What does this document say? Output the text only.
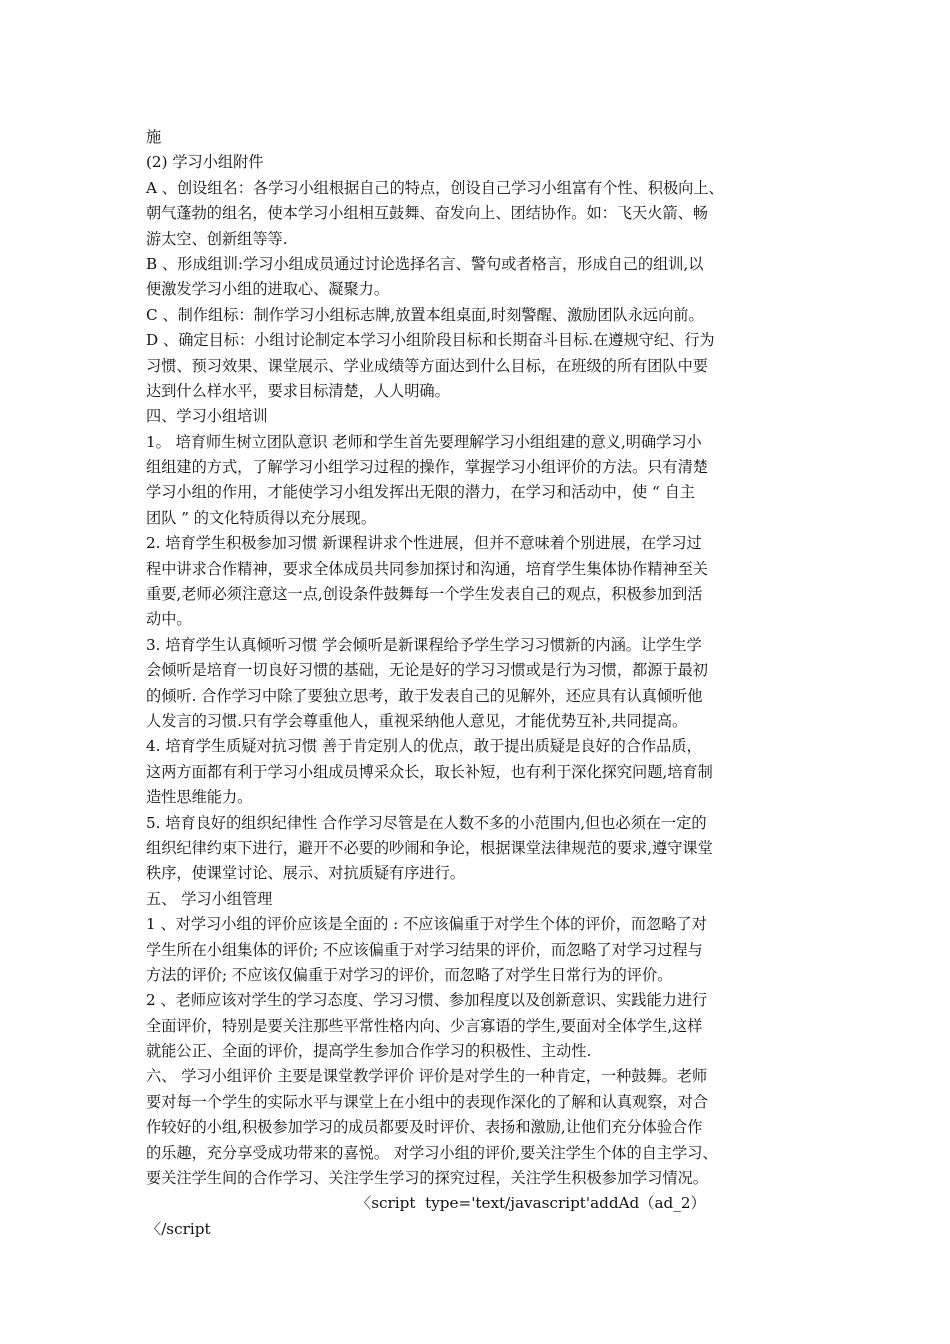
施
(2) 学习小组附件
A 、创设组名：各学习小组根据自己的特点，创设自己学习小组富有个性、积极向上、
朝气蓬勃的组名，使本学习小组相互鼓舞、奋发向上、团结协作。如：飞天火箭、畅
游太空、创新组等等.
B 、形成组训:学习小组成员通过讨论选择名言、警句或者格言，形成自己的组训,以
便激发学习小组的进取心、凝聚力。
C 、制作组标：制作学习小组标志牌,放置本组桌面,时刻警醒、激励团队永远向前。
D 、确定目标：小组讨论制定本学习小组阶段目标和长期奋斗目标.在遵规守纪、行为
习惯、预习效果、课堂展示、学业成绩等方面达到什么目标，在班级的所有团队中要
达到什么样水平，要求目标清楚，人人明确。
四、学习小组培训
1。 培育师生树立团队意识 老师和学生首先要理解学习小组组建的意义,明确学习小
组组建的方式，了解学习小组学习过程的操作，掌握学习小组评价的方法。只有清楚
学习小组的作用，才能使学习小组发挥出无限的潜力，在学习和活动中，使 “ 自主
团队 ” 的文化特质得以充分展现。
2. 培育学生积极参加习惯 新课程讲求个性进展，但并不意味着个别进展，在学习过
程中讲求合作精神，要求全体成员共同参加探讨和沟通，培育学生集体协作精神至关
重要,老师必须注意这一点,创设条件鼓舞每一个学生发表自己的观点，积极参加到活
动中。
3. 培育学生认真倾听习惯 学会倾听是新课程给予学生学习习惯新的内涵。让学生学
会倾听是培育一切良好习惯的基础，无论是好的学习习惯或是行为习惯，都源于最初
的倾听. 合作学习中除了要独立思考，敢于发表自己的见解外，还应具有认真倾听他
人发言的习惯.只有学会尊重他人，重视采纳他人意见，才能优势互补,共同提高。
4. 培育学生质疑对抗习惯 善于肯定别人的优点，敢于提出质疑是良好的合作品质，
这两方面都有利于学习小组成员博采众长，取长补短，也有利于深化探究问题,培育制
造性思维能力。
5. 培育良好的组织纪律性 合作学习尽管是在人数不多的小范围内,但也必须在一定的
组织纪律约束下进行，避开不必要的吵闹和争论，根据课堂法律规范的要求,遵守课堂
秩序，使课堂讨论、展示、对抗质疑有序进行。
五、 学习小组管理
1 、对学习小组的评价应该是全面的 : 不应该偏重于对学生个体的评价，而忽略了对
学生所在小组集体的评价; 不应该偏重于对学习结果的评价，而忽略了对学习过程与
方法的评价; 不应该仅偏重于对学习的评价，而忽略了对学生日常行为的评价。
2 、老师应该对学生的学习态度、学习习惯、参加程度以及创新意识、实践能力进行
全面评价，特别是要关注那些平常性格内向、少言寡语的学生,要面对全体学生,这样
就能公正、全面的评价，提高学生参加合作学习的积极性、主动性.
六、 学习小组评价 主要是课堂教学评价 评价是对学生的一种肯定，一种鼓舞。老师
要对每一个学生的实际水平与课堂上在小组中的表现作深化的了解和认真观察，对合
作较好的小组,积极参加学习的成员都要及时评价、表扬和激励,让他们充分体验合作
的乐趣，充分享受成功带来的喜悦。 对学习小组的评价,要关注学生个体的自主学习、
要关注学生间的合作学习、关注学生学习的探究过程，关注学生积极参加学习情况。
〈script  type='text/javascript'addAd（ad_2）
〈/script
